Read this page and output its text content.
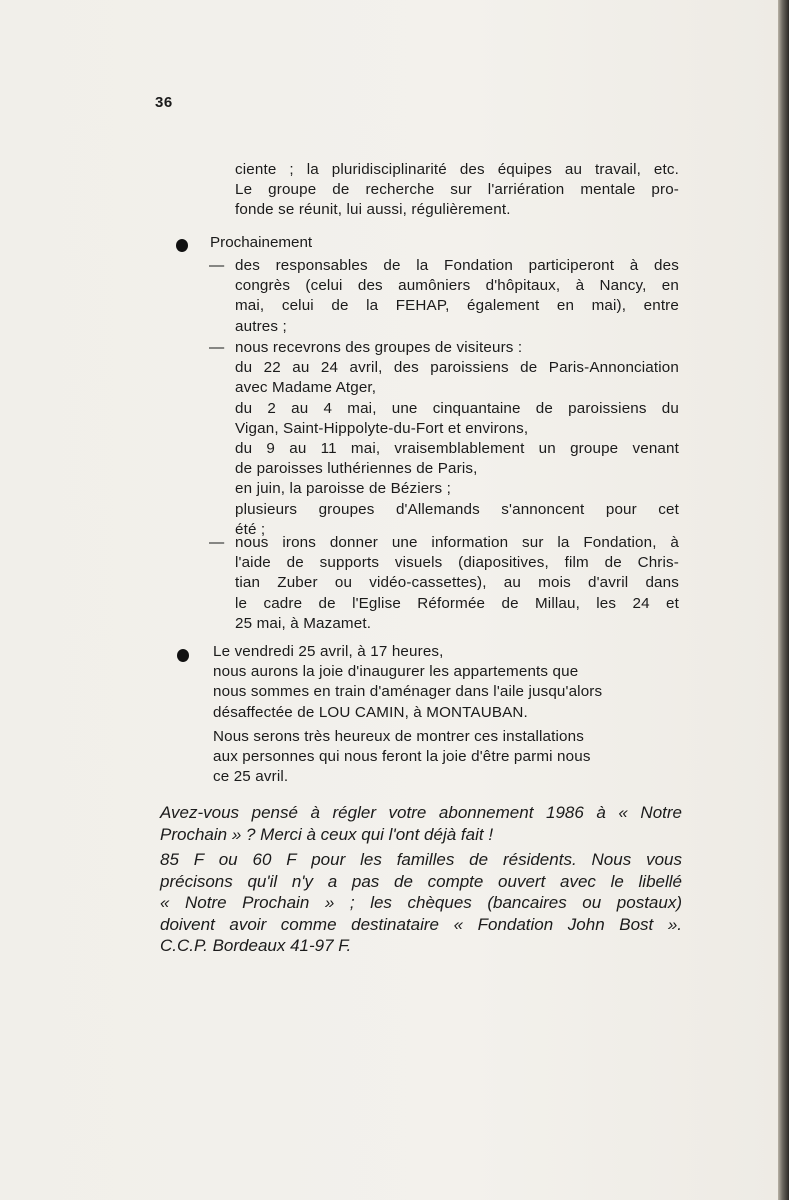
36

ciente ; la pluridisciplinarité des équipes au travail, etc.

Le groupe de recherche sur l'arriération mentale pro-

fonde se réunit, lui aussi, régulièrement.

Prochainement
— des responsables de la Fondation participeront à des

congrès (celui des aumôniers d'hôpitaux, à Nancy, en

mai, celui de la FEHAP, également en mai), entre

autres ;

— nous recevrons des groupes de visiteurs :

du 22 au 24 avril, des paroissiens de Paris-Annonciation

avec Madame Atger,

du 2 au 4 mai, une cinquantaine de paroissiens du

Vigan, Saint-Hippolyte-du-Fort et environs,

du 9 au 11 mai, vraisemblablement un groupe venant

de paroisses luthériennes de Paris,

en juin, la paroisse de Béziers ;

plusieurs groupes d'Allemands s'annoncent pour cet

été ;

— nous irons donner une information sur la Fondation, à

l'aide de supports visuels (diapositives, film de Chris-

tian Zuber ou vidéo-cassettes), au mois d'avril dans

le cadre de l'Eglise Réformée de Millau, les 24 et

25 mai, à Mazamet.

Le vendredi 25 avril, à 17 heures,
nous aurons la joie d'inaugurer les appartements que
nous sommes en train d'aménager dans l'aile jusqu'alors
désaffectée de LOU CAMIN, à MONTAUBAN.

Nous serons très heureux de montrer ces installations
aux personnes qui nous feront la joie d'être parmi nous
ce 25 avril.

Avez-vous pensé à régler votre abonnement 1986 à « Notre

Prochain » ? Merci à ceux qui l'ont déjà fait !

85 F ou 60 F pour les familles de résidents. Nous vous

précisons qu'il n'y a pas de compte ouvert avec le libellé

« Notre Prochain » ; les chèques (bancaires ou postaux)

doivent avoir comme destinataire « Fondation John Bost ».

C.C.P. Bordeaux 41-97 F.
